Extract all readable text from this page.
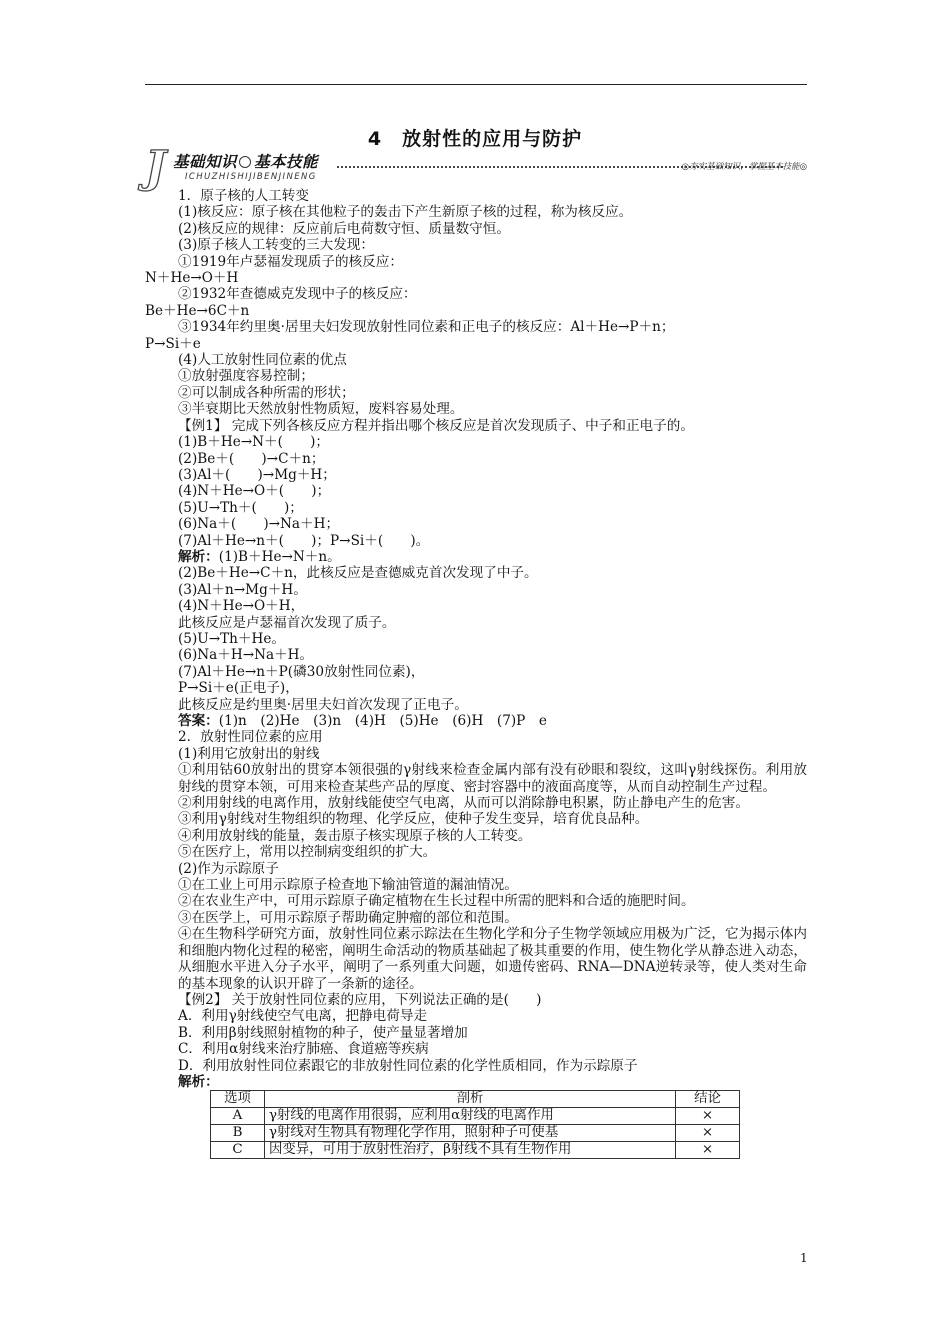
4　放射性的应用与防护
J 基础知识 基本技能
ICHUZHISHIJIBENJINENG
◎夯实基础知识，掌握基本技能◎
1．原子核的人工转变
(1)核反应：原子核在其他粒子的轰击下产生新原子核的过程，称为核反应。
(2)核反应的规律：反应前后电荷数守恒、质量数守恒。
(3)原子核人工转变的三大发现：
①1919年卢瑟福发现质子的核反应：
N＋He→O＋H
②1932年查德威克发现中子的核反应：
Be＋He→6C＋n
③1934年约里奥·居里夫妇发现放射性同位素和正电子的核反应：Al＋He→P＋n；
P→Si＋e
(4)人工放射性同位素的优点
①放射强度容易控制；
②可以制成各种所需的形状；
③半衰期比天然放射性物质短，废料容易处理。
【例1】 完成下列各核反应方程并指出哪个核反应是首次发现质子、中子和正电子的。
(1)B＋He→N＋(　　)；
(2)Be＋(　　)→C＋n；
(3)Al＋(　　)→Mg＋H；
(4)N＋He→O＋(　　)；
(5)U→Th＋(　　)；
(6)Na＋(　　)→Na＋H；
(7)Al＋He→n＋(　　)；P→Si＋(　　)。
解析：(1)B＋He→N＋n。
(2)Be＋He→C＋n，此核反应是查德威克首次发现了中子。
(3)Al＋n→Mg＋H。
(4)N＋He→O＋H，
此核反应是卢瑟福首次发现了质子。
(5)U→Th＋He。
(6)Na＋H→Na＋H。
(7)Al＋He→n＋P(磷30放射性同位素)，
P→Si＋e(正电子)，
此核反应是约里奥·居里夫妇首次发现了正电子。
答案：(1)n　(2)He　(3)n　(4)H　(5)He　(6)H　(7)P　e
2．放射性同位素的应用
(1)利用它放射出的射线
①利用钴60放射出的贯穿本领很强的γ射线来检查金属内部有没有砂眼和裂纹，这叫γ射线探伤。利用放射线的贯穿本领，可用来检查某些产品的厚度、密封容器中的液面高度等，从而自动控制生产过程。
②利用射线的电离作用，放射线能使空气电离，从而可以消除静电积累，防止静电产生的危害。
③利用γ射线对生物组织的物理、化学反应，使种子发生变异，培育优良品种。
④利用放射线的能量，轰击原子核实现原子核的人工转变。
⑤在医疗上，常用以控制病变组织的扩大。
(2)作为示踪原子
①在工业上可用示踪原子检查地下输油管道的漏油情况。
②在农业生产中，可用示踪原子确定植物在生长过程中所需的肥料和合适的施肥时间。
③在医学上，可用示踪原子帮助确定肿瘤的部位和范围。
④在生物科学研究方面，放射性同位素示踪法在生物化学和分子生物学领域应用极为广泛，它为揭示体内和细胞内物化过程的秘密，阐明生命活动的物质基础起了极其重要的作用，使生物化学从静态进入动态，从细胞水平进入分子水平，阐明了一系列重大问题，如遗传密码、RNA—DNA逆转录等，使人类对生命的基本现象的认识开辟了一条新的途径。
【例2】 关于放射性同位素的应用，下列说法正确的是(　　)
A．利用γ射线使空气电离，把静电荷导走
B．利用β射线照射植物的种子，使产量显著增加
C．利用α射线来治疗肺癌、食道癌等疾病
D．利用放射性同位素跟它的非放射性同位素的化学性质相同，作为示踪原子
解析：
选项	剖析	结论
A	γ射线的电离作用很弱，应利用α射线的电离作用	×
B	γ射线对生物具有物理化学作用，照射种子可使基	×
C	因变异，可用于放射性治疗，β射线不具有生物作用	×
1
